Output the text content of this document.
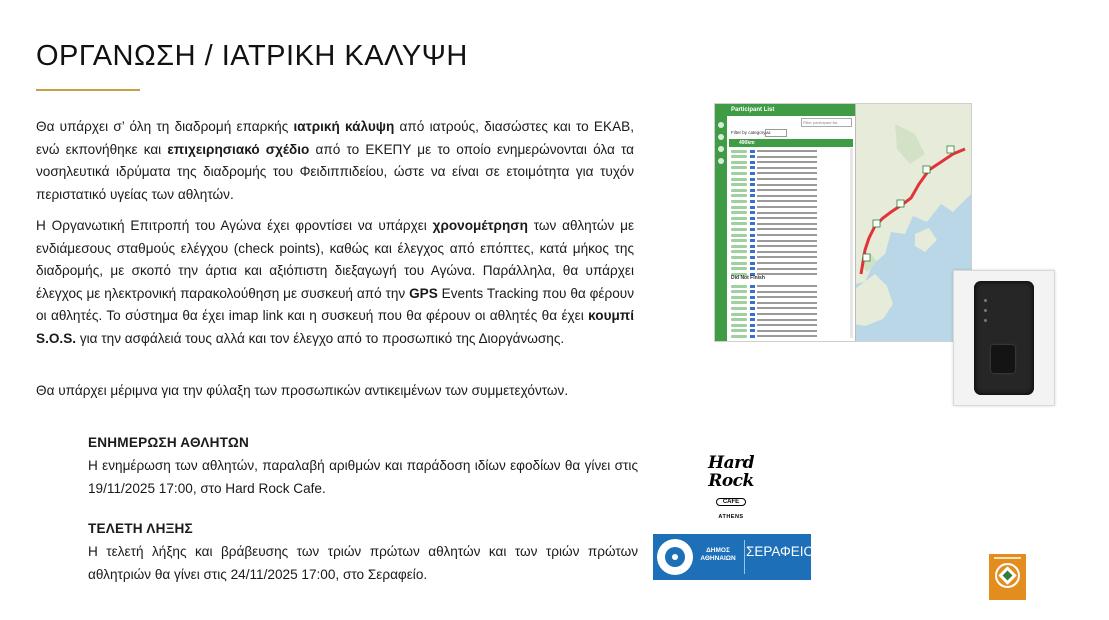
ΟΡΓΑΝΩΣΗ / ΙΑΤΡΙΚΗ ΚΑΛΥΨΗ
Θα υπάρχει σ’ όλη τη διαδρομή επαρκής ιατρική κάλυψη από ιατρούς, διασώστες και το ΕΚΑΒ, ενώ εκπονήθηκε και επιχειρησιακό σχέδιο από το ΕΚΕΠΥ με το οποίο ενημερώνονται όλα τα νοσηλευτικά ιδρύματα της διαδρομής του Φειδιππιδείου, ώστε να είναι σε ετοιμότητα για τυχόν περιστατικό υγείας των αθλητών.
Η Οργανωτική Επιτροπή του Αγώνα έχει φροντίσει να υπάρχει χρονομέτρηση των αθλητών με ενδιάμεσους σταθμούς ελέγχου (check points), καθώς και έλεγχος από επόπτες, κατά μήκος της διαδρομής, με σκοπό την άρτια και αξιόπιστη διεξαγωγή του Αγώνα. Παράλληλα, θα υπάρχει έλεγχος με ηλεκτρονική παρακολούθηση με συσκευή από την GPS Events Tracking που θα φέρουν οι αθλητές. Το σύστημα θα έχει imap link και η συσκευή που θα φέρουν οι αθλητές θα έχει κουμπί S.O.S. για την ασφάλειά τους αλλά και τον έλεγχο από το προσωπικό της Διοργάνωσης.
Θα υπάρχει μέριμνα για την φύλαξη των προσωπικών αντικειμένων των συμμετεχόντων.
ΕΝΗΜΕΡΩΣΗ ΑΘΛΗΤΩΝ
Η ενημέρωση των αθλητών, παραλαβή αριθμών και παράδοση ιδίων εφοδίων θα γίνει στις 19/11/2025 17:00, στο Hard Rock Cafe.
ΤΕΛΕΤΗ ΛΗΞΗΣ
Η τελετή λήξης και βράβευσης των τριών πρώτων αθλητών και των τριών πρώτων αθλητριών θα γίνει στις 24/11/2025 17:00, στο Σεραφείο.
Participant List
Filter participant list
Filter by category All
490km
Did Not Finish
Hard Rock
CAFE
ATHENS
ΔΗΜΟΣ ΑΘΗΝΑΙΩΝ ΣΕΡΑΦΕΙΟ
